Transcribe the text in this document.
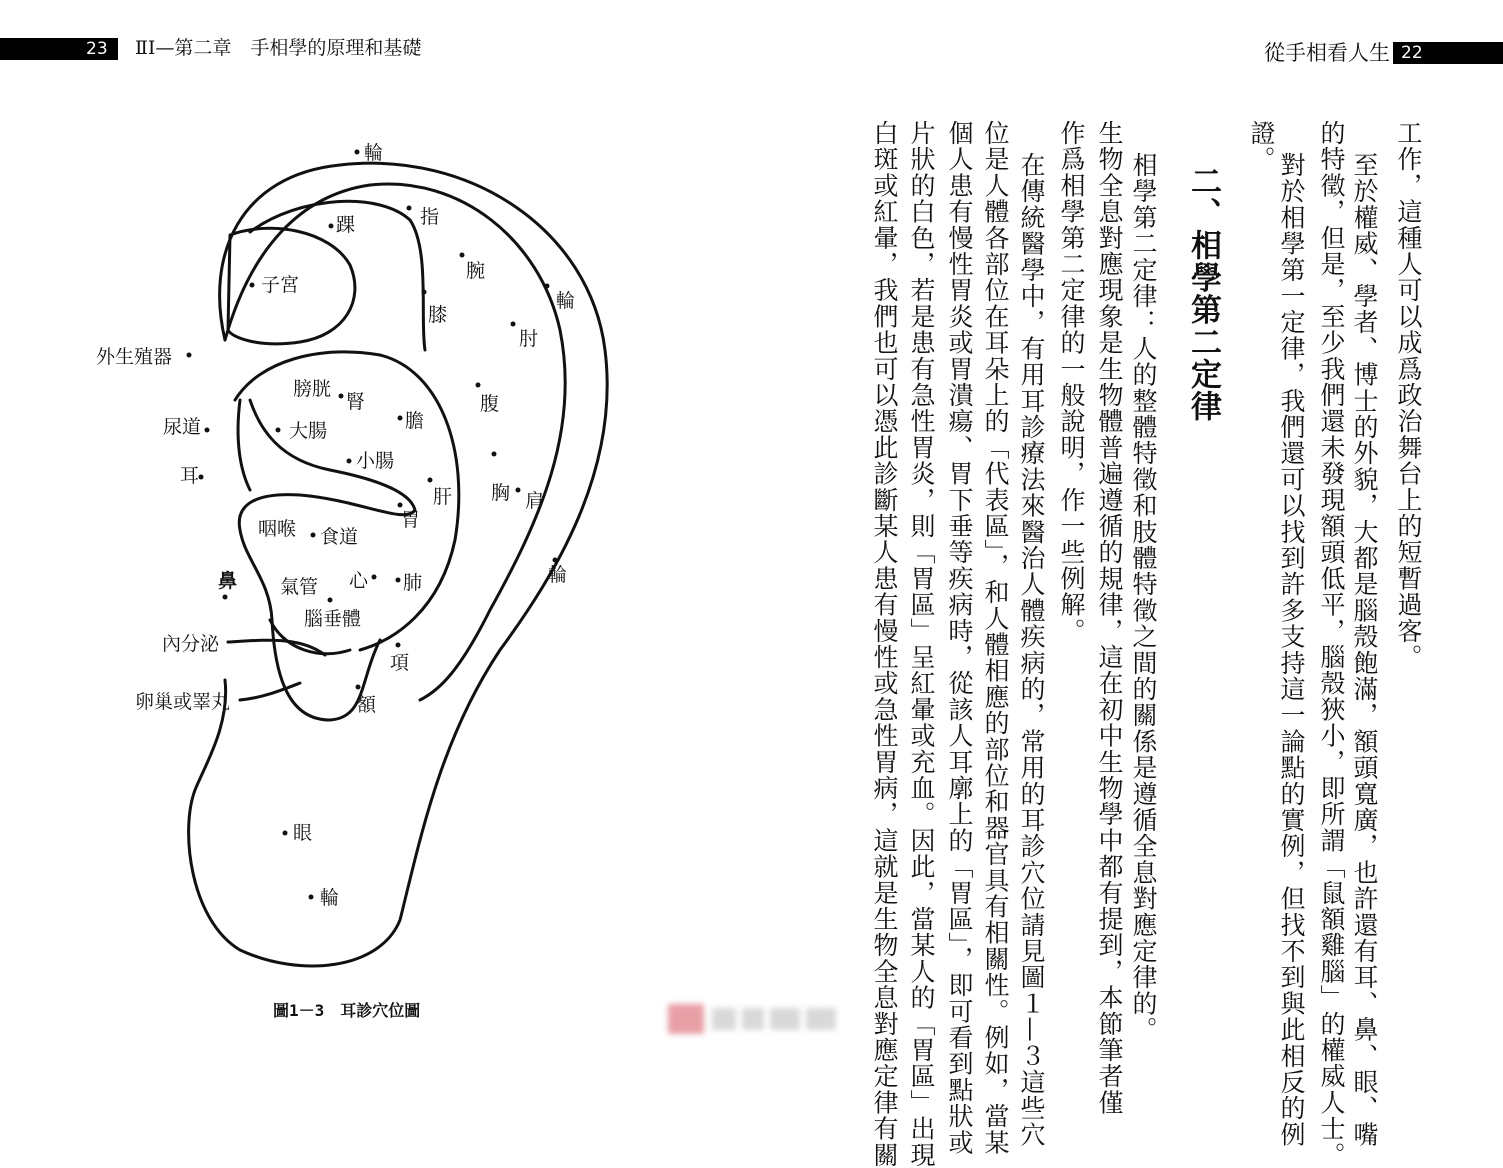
23	ⅡⅠ—第二章　手相學的原理和基礎	從手相看人生 22
工作，這種人可以成爲政治舞台上的短暫過客。
至於權威、學者、博士的外貌，大都是腦殼飽滿，額頭寬廣，也許還有耳、鼻、眼、嘴
的特徵，但是，至少我們還未發現額頭低平，腦殼狹小，即所謂「鼠額雞腦」的權威人士。
對於相學第一定律，我們還可以找到許多支持這一論點的實例，但找不到與此相反的例
證。
二、相學第二定律
相學第二定律：人的整體特徵和肢體特徵之間的關係是遵循全息對應定律的。
生物全息對應現象是生物體普遍遵循的規律，這在初中生物學中都有提到，本節筆者僅
作爲相學第二定律的一般說明，作一些例解。
在傳統醫學中，有用耳診療法來醫治人體疾病的，常用的耳診穴位請見圖１—３這些穴
位是人體各部位在耳朵上的「代表區」，和人體相應的部位和器官具有相關性。例如，當某
個人患有慢性胃炎或胃潰瘍、胃下垂等疾病時，從該人耳廓上的「胃區」，即可看到點狀或
片狀的白色，若是患有急性胃炎，則「胃區」呈紅暈或充血。因此，當某人的「胃區」出現
白斑或紅暈，我們也可以憑此診斷某人患有慢性或急性胃病，這就是生物全息對應定律有關
輪
踝	指
腕
輪
子宮
膝
肘
外生殖器
膀胱
腎	腹
尿道	大腸	膽
小腸
耳
肝 胸 肩
胃
咽喉 食道
輪
鼻 氣管 心 肺
腦垂體
內分泌
項
卵巢或睪丸	額
眼
輪
圖1－3　耳診穴位圖
